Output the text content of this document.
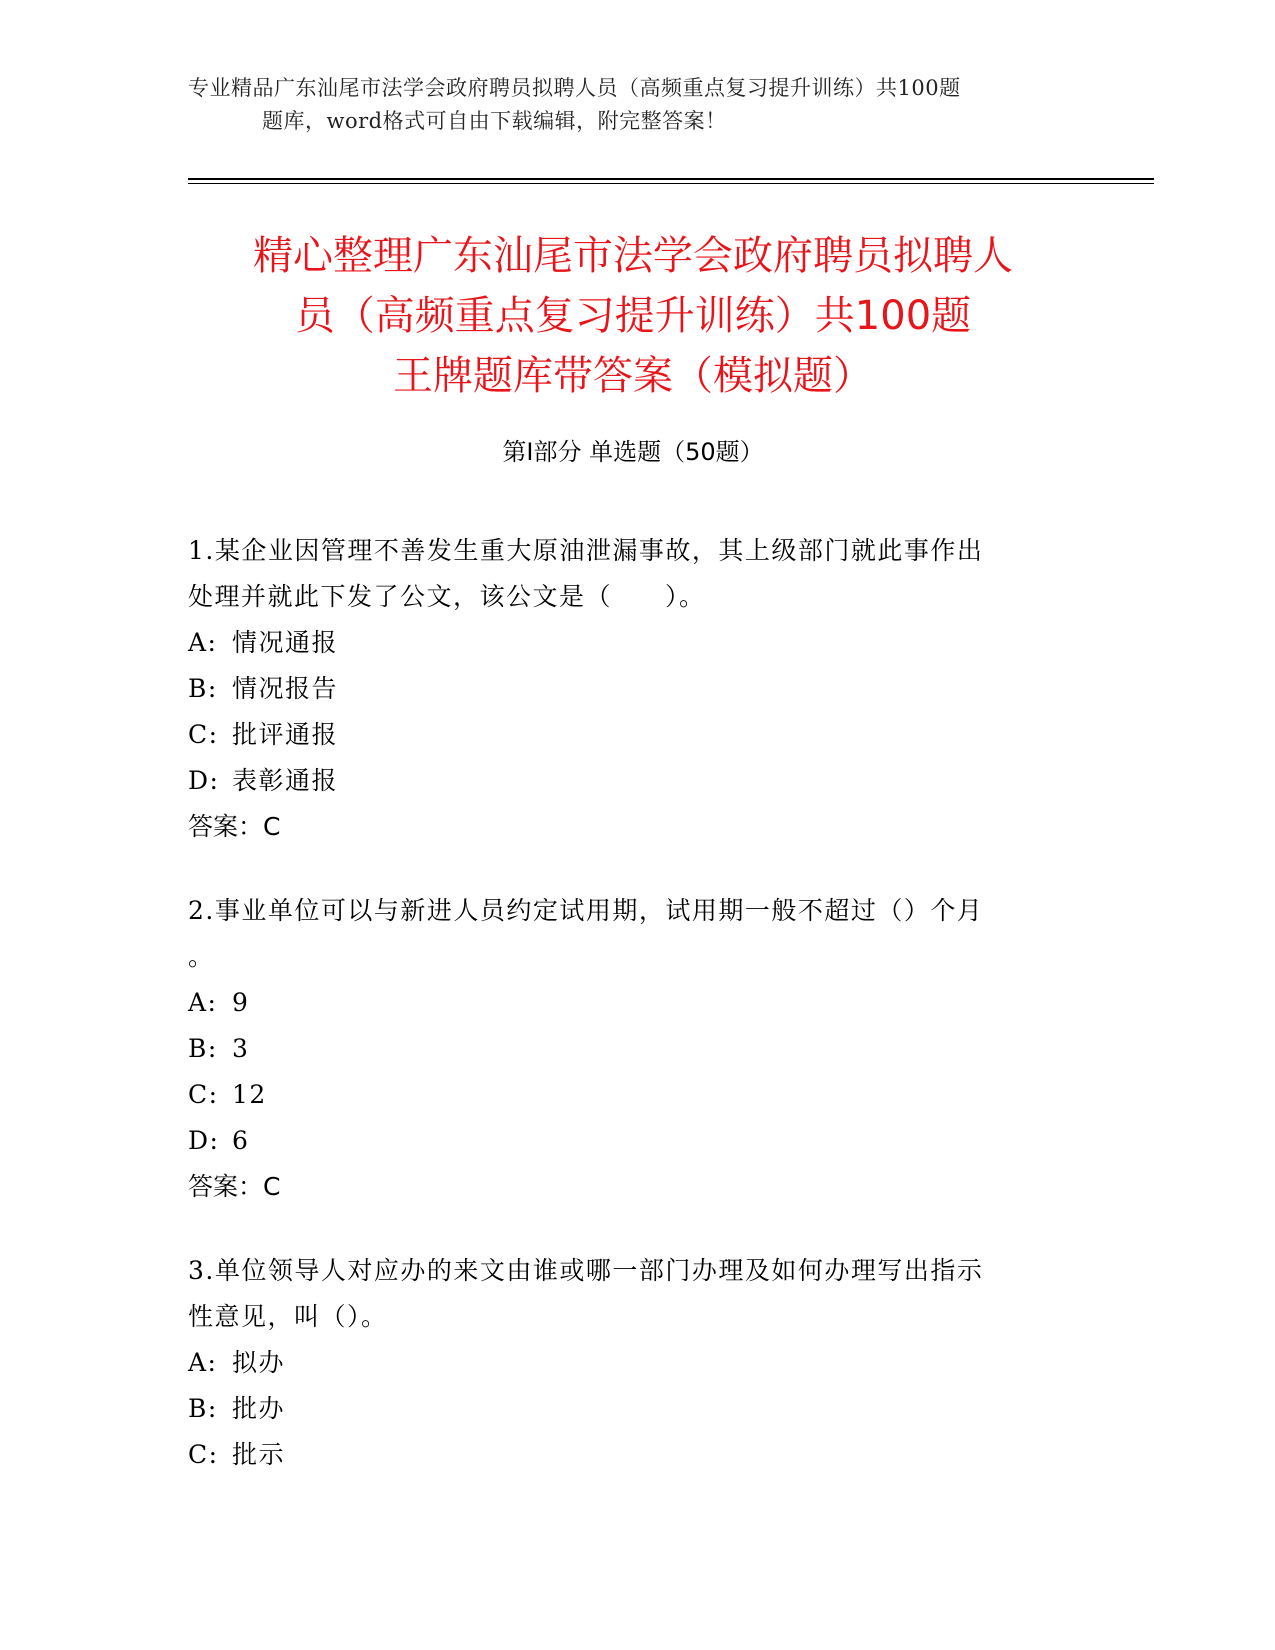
专业精品广东汕尾市法学会政府聘员拟聘人员（高频重点复习提升训练）共100题
题库，word格式可自由下载编辑，附完整答案！
精心整理广东汕尾市法学会政府聘员拟聘人
员（高频重点复习提升训练）共100题
王牌题库带答案（模拟题）
第Ⅰ部分 单选题（50题）

1.某企业因管理不善发生重大原油泄漏事故，其上级部门就此事作出
处理并就此下发了公文，该公文是（　　）。

A: 情况通报

B: 情况报告

C: 批评通报

D: 表彰通报

答案：C

2.事业单位可以与新进人员约定试用期，试用期一般不超过（）个月
。

A: 9

B: 3

C: 12

D: 6

答案：C

3.单位领导人对应办的来文由谁或哪一部门办理及如何办理写出指示
性意见，叫（）。

A: 拟办

B: 批办

C: 批示
